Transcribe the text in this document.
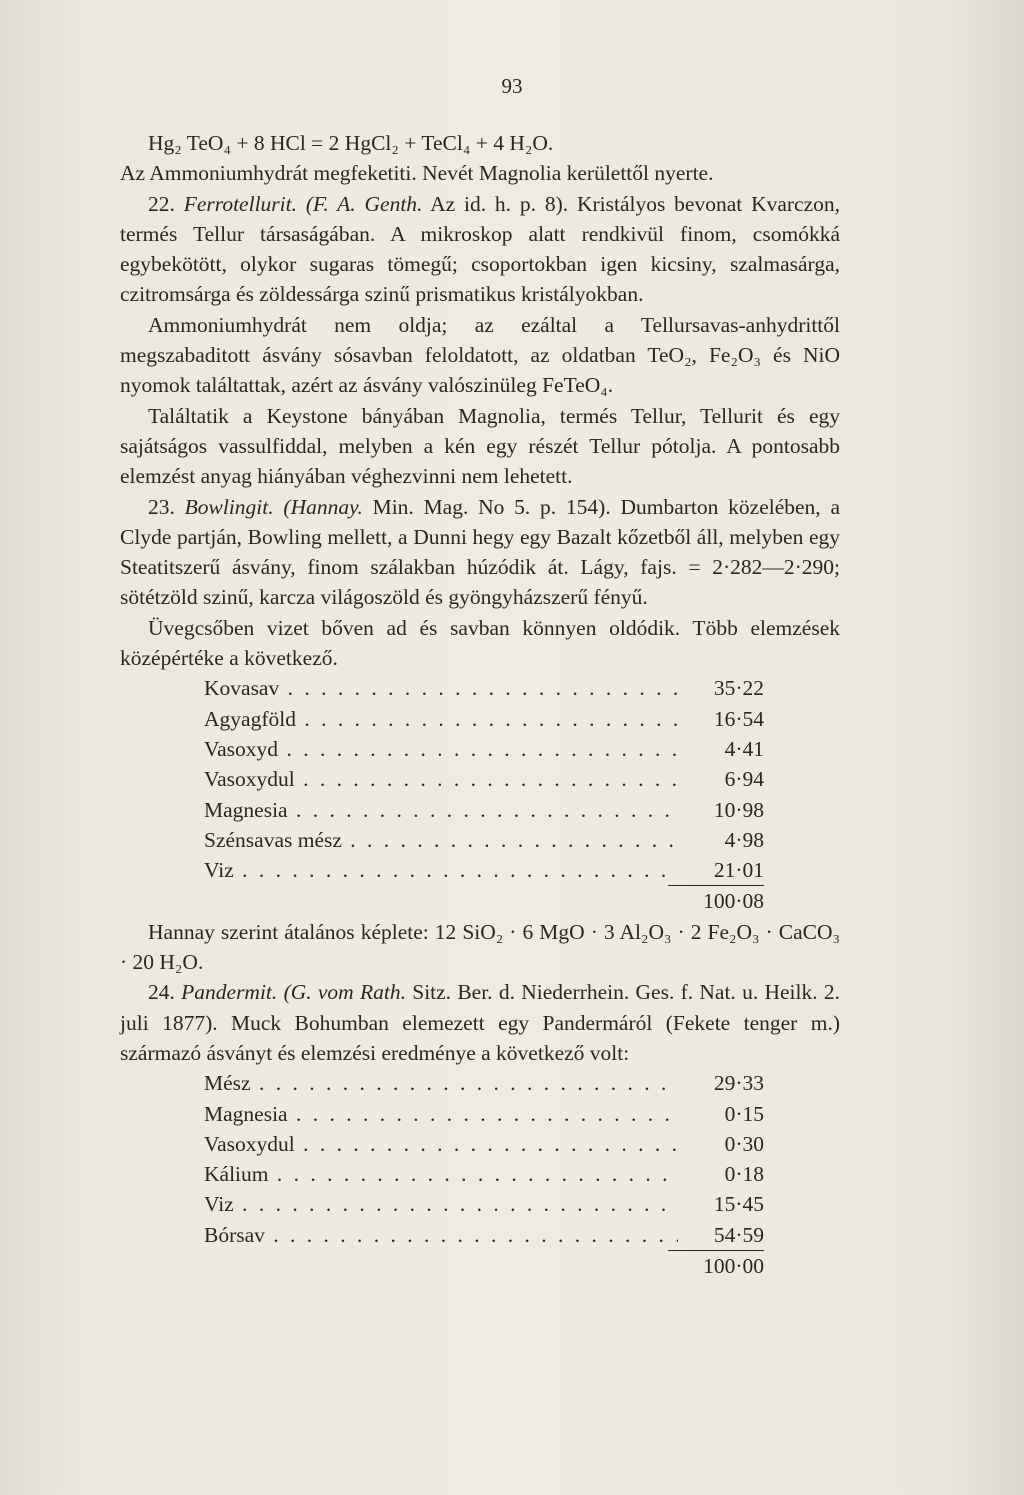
93

Hg₂ TeO₄ + 8 HCl = 2 HgCl₂ + TeCl₄ + 4 H₂O.

Az Ammoniumhydrát megfeketiti. Nevét Magnolia kerülettől nyerte.

22. Ferrotellurit. (F. A. Genth. Az id. h. p. 8). Kristályos bevonat Kvarczon, termés Tellur társaságában. A mikroskop alatt rendkivül finom, csomókká egybekötött, olykor sugaras tömegű; csoportokban igen kicsiny, szalmasárga, czitromsárga és zöldessárga szinű prismatikus kristályokban.

Ammoniumhydrát nem oldja; az ezáltal a Tellursavas-anhydrittől megszabaditott ásvány sósavban feloldatott, az oldatban TeO₂, Fe₂O₃ és NiO nyomok találtattak, azért az ásvány valószinüleg FeTeO₄.

Találtatik a Keystone bányában Magnolia, termés Tellur, Tellurit és egy sajátságos vassulfiddal, melyben a kén egy részét Tellur pótolja. A pontosabb elemzést anyag hiányában véghezvinni nem lehetett.

23. Bowlingit. (Hannay. Min. Mag. No 5. p. 154). Dumbarton közelében, a Clyde partján, Bowling mellett, a Dunni hegy egy Bazalt kőzetből áll, melyben egy Steatitszerű ásvány, finom szálakban húzódik át. Lágy, fajs. = 2·282—2·290; sötétzöld szinű, karcza világoszöld és gyöngyházszerű fényű.

Üvegcsőben vizet bőven ad és savban könnyen oldódik. Több elemzések középértéke a következő.

Kovasav . . .	35·22
Agyagföld . . .	16·54
Vasoxyd . . .	4·41
Vasoxydul . . .	6·94
Magnesia . . .	10·98
Szénsavas mész . . .	4·98
Viz . . .	21·01
100·08

Hannay szerint átalános képlete: 12 SiO₂ · 6 MgO · 3 Al₂O₃ · 2 Fe₂O₃ · CaCO₃ · 20 H₂O.

24. Pandermit. (G. vom Rath. Sitz. Ber. d. Niederrhein. Ges. f. Nat. u. Heilk. 2. juli 1877). Muck Bohumban elemezett egy Pandermáról (Fekete tenger m.) származó ásványt és elemzési eredménye a következő volt:

Mész . . .	29·33
Magnesia . . .	0·15
Vasoxydul . . .	0·30
Kálium . . .	0·18
Viz . . .	15·45
Bórsav . . .	54·59
100·00
